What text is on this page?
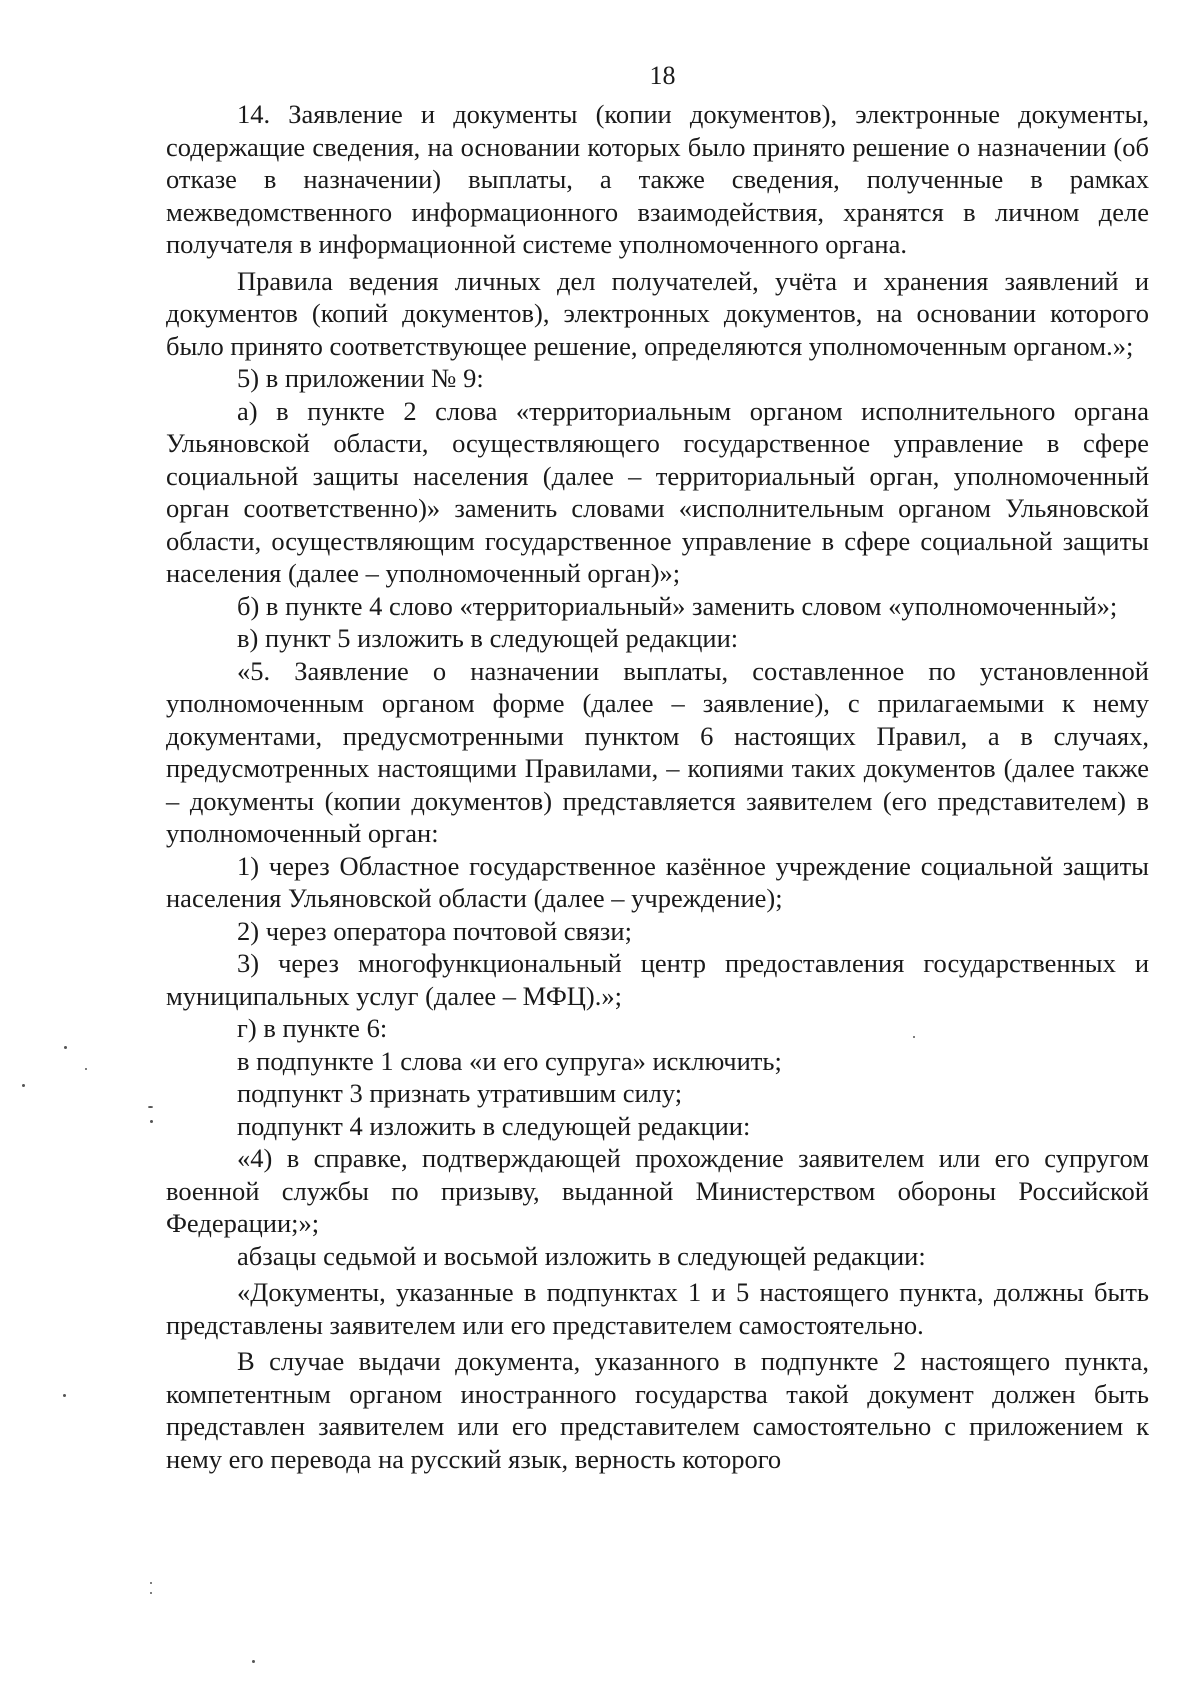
18

14. Заявление и документы (копии документов), электронные документы, содержащие сведения, на основании которых было принято решение о назначении (об отказе в назначении) выплаты, а также сведения, полученные в рамках межведомственного информационного взаимодействия, хранятся в личном деле получателя в информационной системе уполномоченного органа.

Правила ведения личных дел получателей, учёта и хранения заявлений и документов (копий документов), электронных документов, на основании которого было принято соответствующее решение, определяются уполномоченным органом.»;

5) в приложении № 9:

а) в пункте 2 слова «территориальным органом исполнительного органа Ульяновской области, осуществляющего государственное управление в сфере социальной защиты населения (далее – территориальный орган, уполномоченный орган соответственно)» заменить словами «исполнительным органом Ульяновской области, осуществляющим государственное управление в сфере социальной защиты населения (далее – уполномоченный орган)»;

б) в пункте 4 слово «территориальный» заменить словом «уполномоченный»;

в) пункт 5 изложить в следующей редакции:

«5. Заявление о назначении выплаты, составленное по установленной уполномоченным органом форме (далее – заявление), с прилагаемыми к нему документами, предусмотренными пунктом 6 настоящих Правил, а в случаях, предусмотренных настоящими Правилами, – копиями таких документов (далее также – документы (копии документов) представляется заявителем (его представителем) в уполномоченный орган:

1) через Областное государственное казённое учреждение социальной защиты населения Ульяновской области (далее – учреждение);

2) через оператора почтовой связи;

3) через многофункциональный центр предоставления государственных и муниципальных услуг (далее – МФЦ).»;

г) в пункте 6:

в подпункте 1 слова «и его супруга» исключить;

подпункт 3 признать утратившим силу;

подпункт 4 изложить в следующей редакции:

«4) в справке, подтверждающей прохождение заявителем или его супругом военной службы по призыву, выданной Министерством обороны Российской Федерации;»;

абзацы седьмой и восьмой изложить в следующей редакции:

«Документы, указанные в подпунктах 1 и 5 настоящего пункта, должны быть представлены заявителем или его представителем самостоятельно.

В случае выдачи документа, указанного в подпункте 2 настоящего пункта, компетентным органом иностранного государства такой документ должен быть представлен заявителем или его представителем самостоятельно с приложением к нему его перевода на русский язык, верность которого
